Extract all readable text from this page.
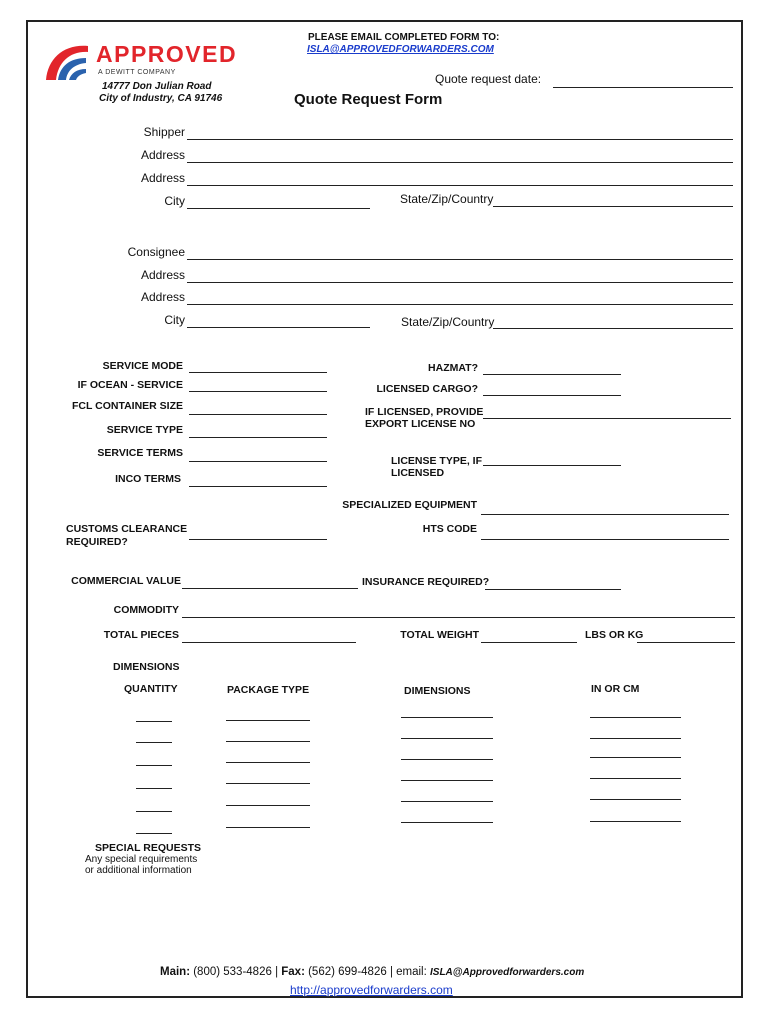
APPROVED
A DEWITT COMPANY
14777 Don Julian Road
City of Industry, CA 91746
PLEASE EMAIL COMPLETED FORM TO:
ISLA@APPROVEDFORWARDERS.COM
Quote request date:
Quote Request Form
Shipper
Address
Address
City	State/Zip/Country
Consignee
Address
Address
City	State/Zip/Country
SERVICE MODE
IF OCEAN - SERVICE
FCL CONTAINER SIZE
SERVICE TYPE
SERVICE TERMS
INCO TERMS
HAZMAT?
LICENSED CARGO?
IF LICENSED, PROVIDE
EXPORT LICENSE NO
LICENSE TYPE, IF
LICENSED
SPECIALIZED EQUIPMENT
CUSTOMS CLEARANCE
REQUIRED?
HTS CODE
COMMERCIAL VALUE	INSURANCE REQUIRED?
COMMODITY
TOTAL PIECES	TOTAL WEIGHT	LBS OR KG
DIMENSIONS
QUANTITY	PACKAGE TYPE	DIMENSIONS	IN OR CM
SPECIAL REQUESTS
Any special requirements
or additional information
Main: (800) 533-4826 | Fax: (562) 699-4826 | email: ISLA@Approvedforwarders.com
http://approvedforwarders.com
